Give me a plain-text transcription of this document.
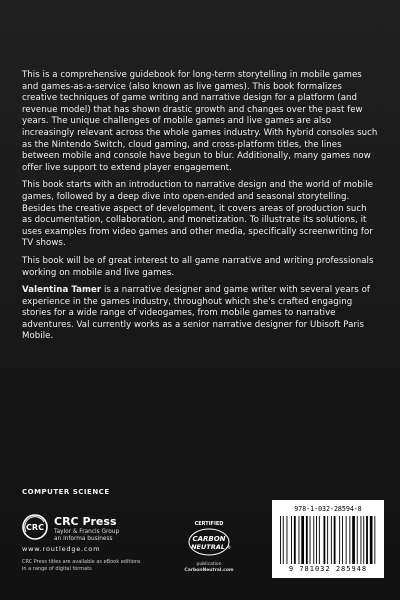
This is a comprehensive guidebook for long-term storytelling in mobile games and games-as-a-service (also known as live games). This book formalizes creative techniques of game writing and narrative design for a platform (and revenue model) that has shown drastic growth and changes over the past few years. The unique challenges of mobile games and live games are also increasingly relevant across the whole games industry. With hybrid consoles such as the Nintendo Switch, cloud gaming, and cross-platform titles, the lines between mobile and console have begun to blur. Additionally, many games now offer live support to extend player engagement.

This book starts with an introduction to narrative design and the world of mobile games, followed by a deep dive into open-ended and seasonal storytelling. Besides the creative aspect of development, it covers areas of production such as documentation, collaboration, and monetization. To illustrate its solutions, it uses examples from video games and other media, specifically screenwriting for TV shows.

This book will be of great interest to all game narrative and writing professionals working on mobile and live games.

Valentina Tamer is a narrative designer and game writer with several years of experience in the games industry, throughout which she's crafted engaging stories for a wide range of videogames, from mobile games to narrative adventures. Val currently works as a senior narrative designer for Ubisoft Paris Mobile.

COMPUTER SCIENCE
CRC CRC Press
Taylor & Francis Group
an informa business
www.routledge.com
CRC Press titles are available as eBook editions
in a range of digital formats
CERTIFIED
CARBON
NEUTRAL ®
publication
CarbonNeutral.com
978-1-032-28594-8
9 781032 285948
